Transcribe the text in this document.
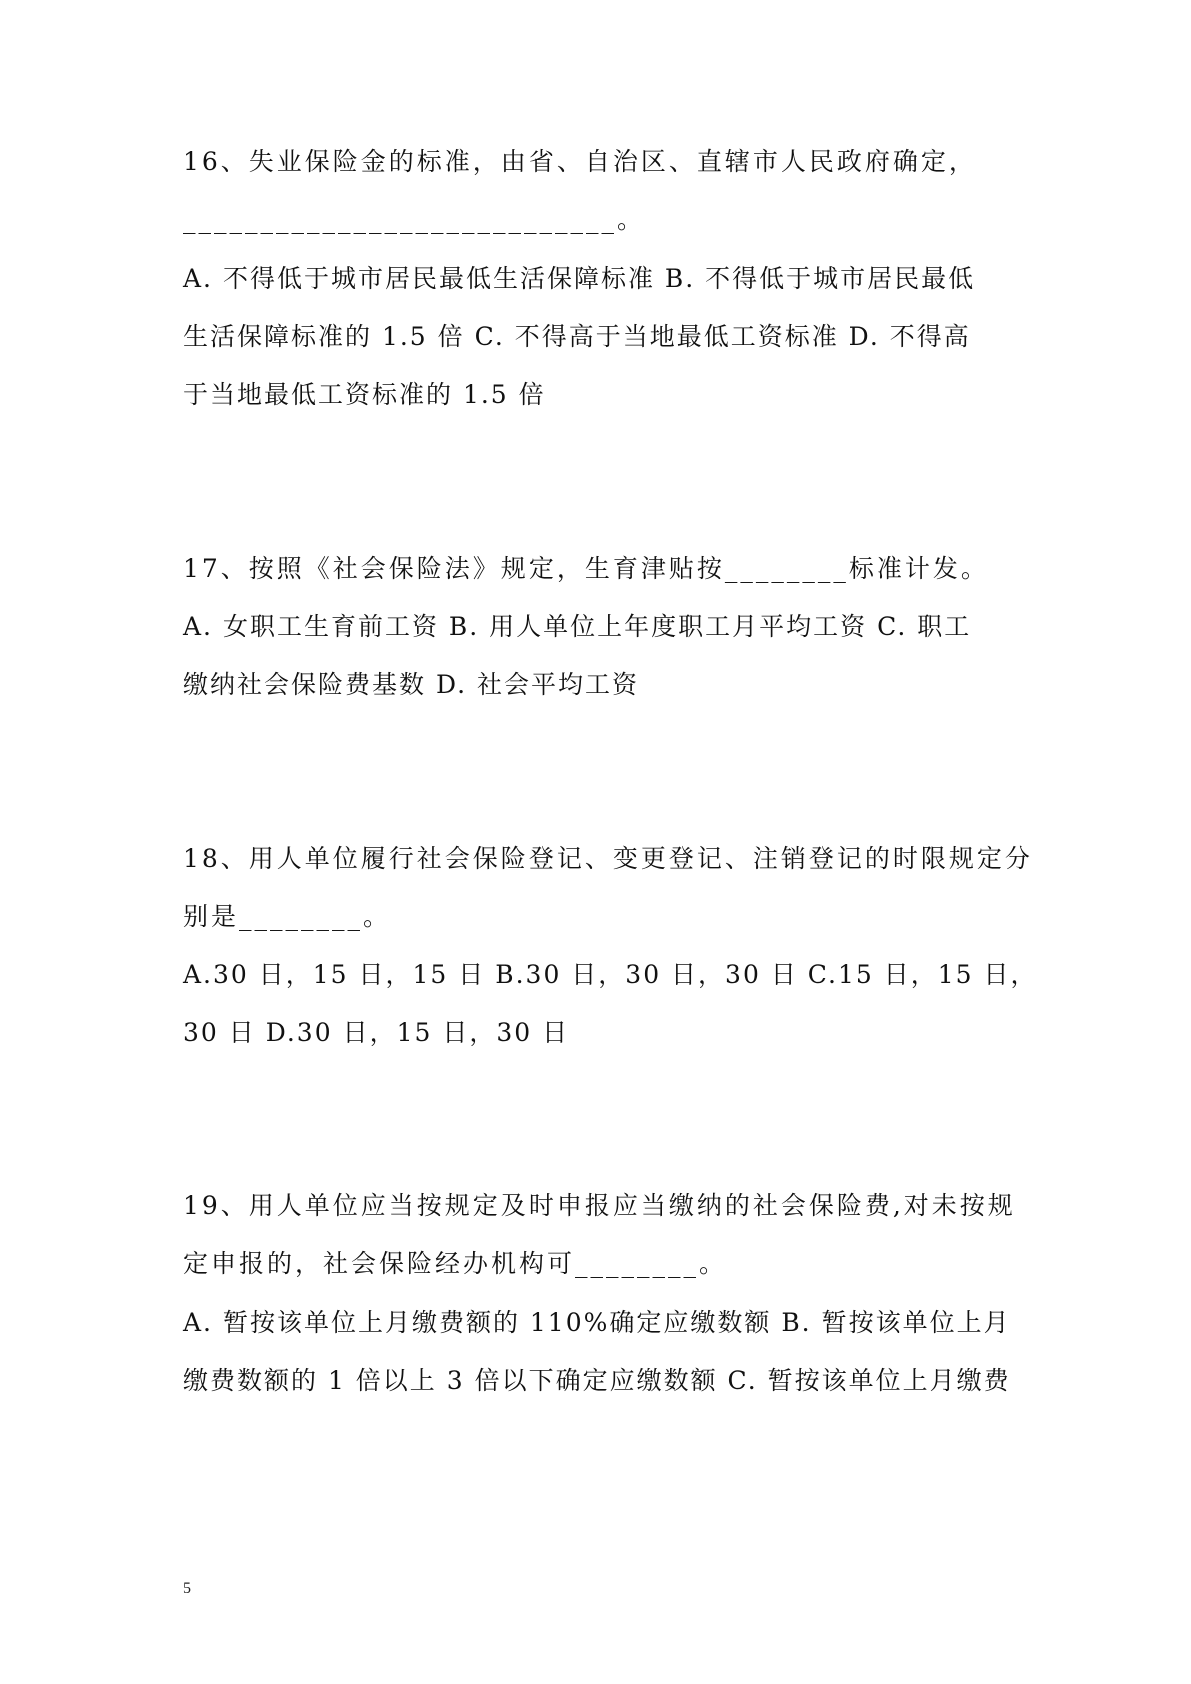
16、失业保险金的标准，由省、自治区、直辖市人民政府确定，
____________________________。
A. 不得低于城市居民最低生活保障标准 B. 不得低于城市居民最低
生活保障标准的 1.5 倍 C. 不得高于当地最低工资标准 D. 不得高
于当地最低工资标准的 1.5 倍
17、按照《社会保险法》规定，生育津贴按________标准计发。
A. 女职工生育前工资 B. 用人单位上年度职工月平均工资 C. 职工
缴纳社会保险费基数 D. 社会平均工资
18、用人单位履行社会保险登记、变更登记、注销登记的时限规定分
别是________。
A.30 日，15 日，15 日 B.30 日，30 日，30 日 C.15 日，15 日，
30 日 D.30 日，15 日，30 日
19、用人单位应当按规定及时申报应当缴纳的社会保险费,对未按规
定申报的，社会保险经办机构可________。
A. 暂按该单位上月缴费额的 110%确定应缴数额 B. 暂按该单位上月
缴费数额的 1 倍以上 3 倍以下确定应缴数额 C. 暂按该单位上月缴费
5
